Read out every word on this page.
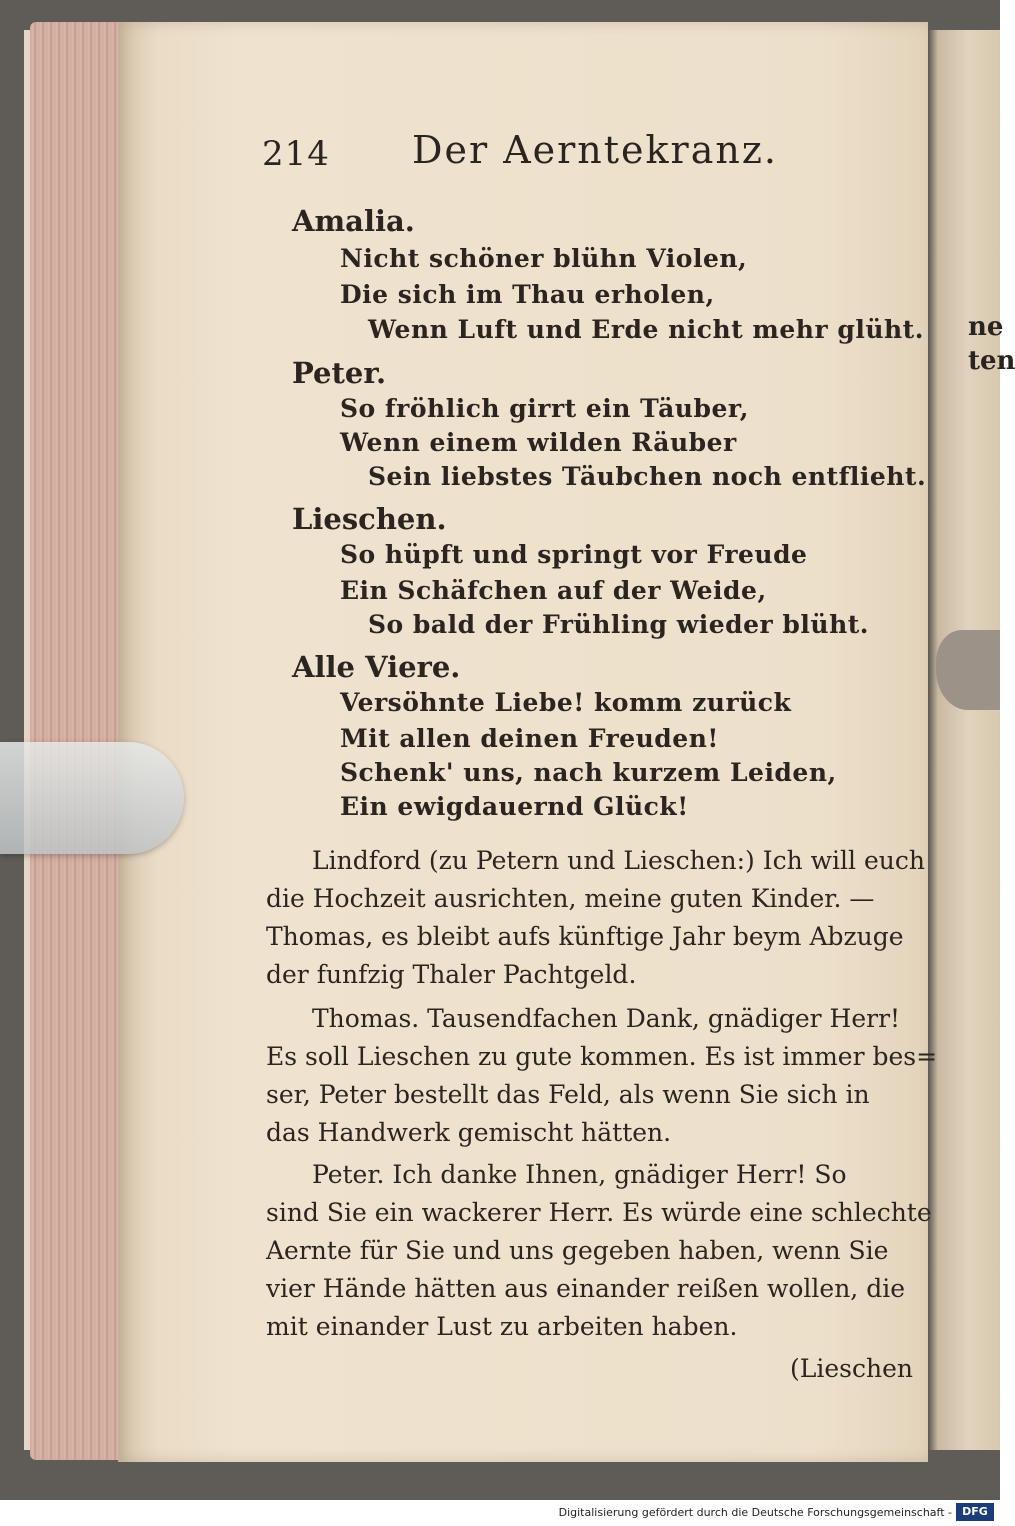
ne
ten
214 Der Aerntekranz.
Amalia.
Nicht schöner blühn Violen,
Die sich im Thau erholen,
Wenn Luft und Erde nicht mehr glüht.
Peter.
So fröhlich girrt ein Täuber,
Wenn einem wilden Räuber
Sein liebstes Täubchen noch entflieht.
Lieschen.
So hüpft und springt vor Freude
Ein Schäfchen auf der Weide,
So bald der Frühling wieder blüht.
Alle Viere.
Versöhnte Liebe! komm zurück
Mit allen deinen Freuden!
Schenk' uns, nach kurzem Leiden,
Ein ewigdauernd Glück!
Lindford (zu Petern und Lieschen:) Ich will euch
die Hochzeit ausrichten, meine guten Kinder. —
Thomas, es bleibt aufs künftige Jahr beym Abzuge
der funfzig Thaler Pachtgeld.
Thomas. Tausendfachen Dank, gnädiger Herr!
Es soll Lieschen zu gute kommen. Es ist immer bes=
ser, Peter bestellt das Feld, als wenn Sie sich in
das Handwerk gemischt hätten.
Peter. Ich danke Ihnen, gnädiger Herr! So
sind Sie ein wackerer Herr. Es würde eine schlechte
Aernte für Sie und uns gegeben haben, wenn Sie
vier Hände hätten aus einander reißen wollen, die
mit einander Lust zu arbeiten haben.
(Lieschen
Digitalisierung gefördert durch die Deutsche Forschungsgemeinschaft - DFG
